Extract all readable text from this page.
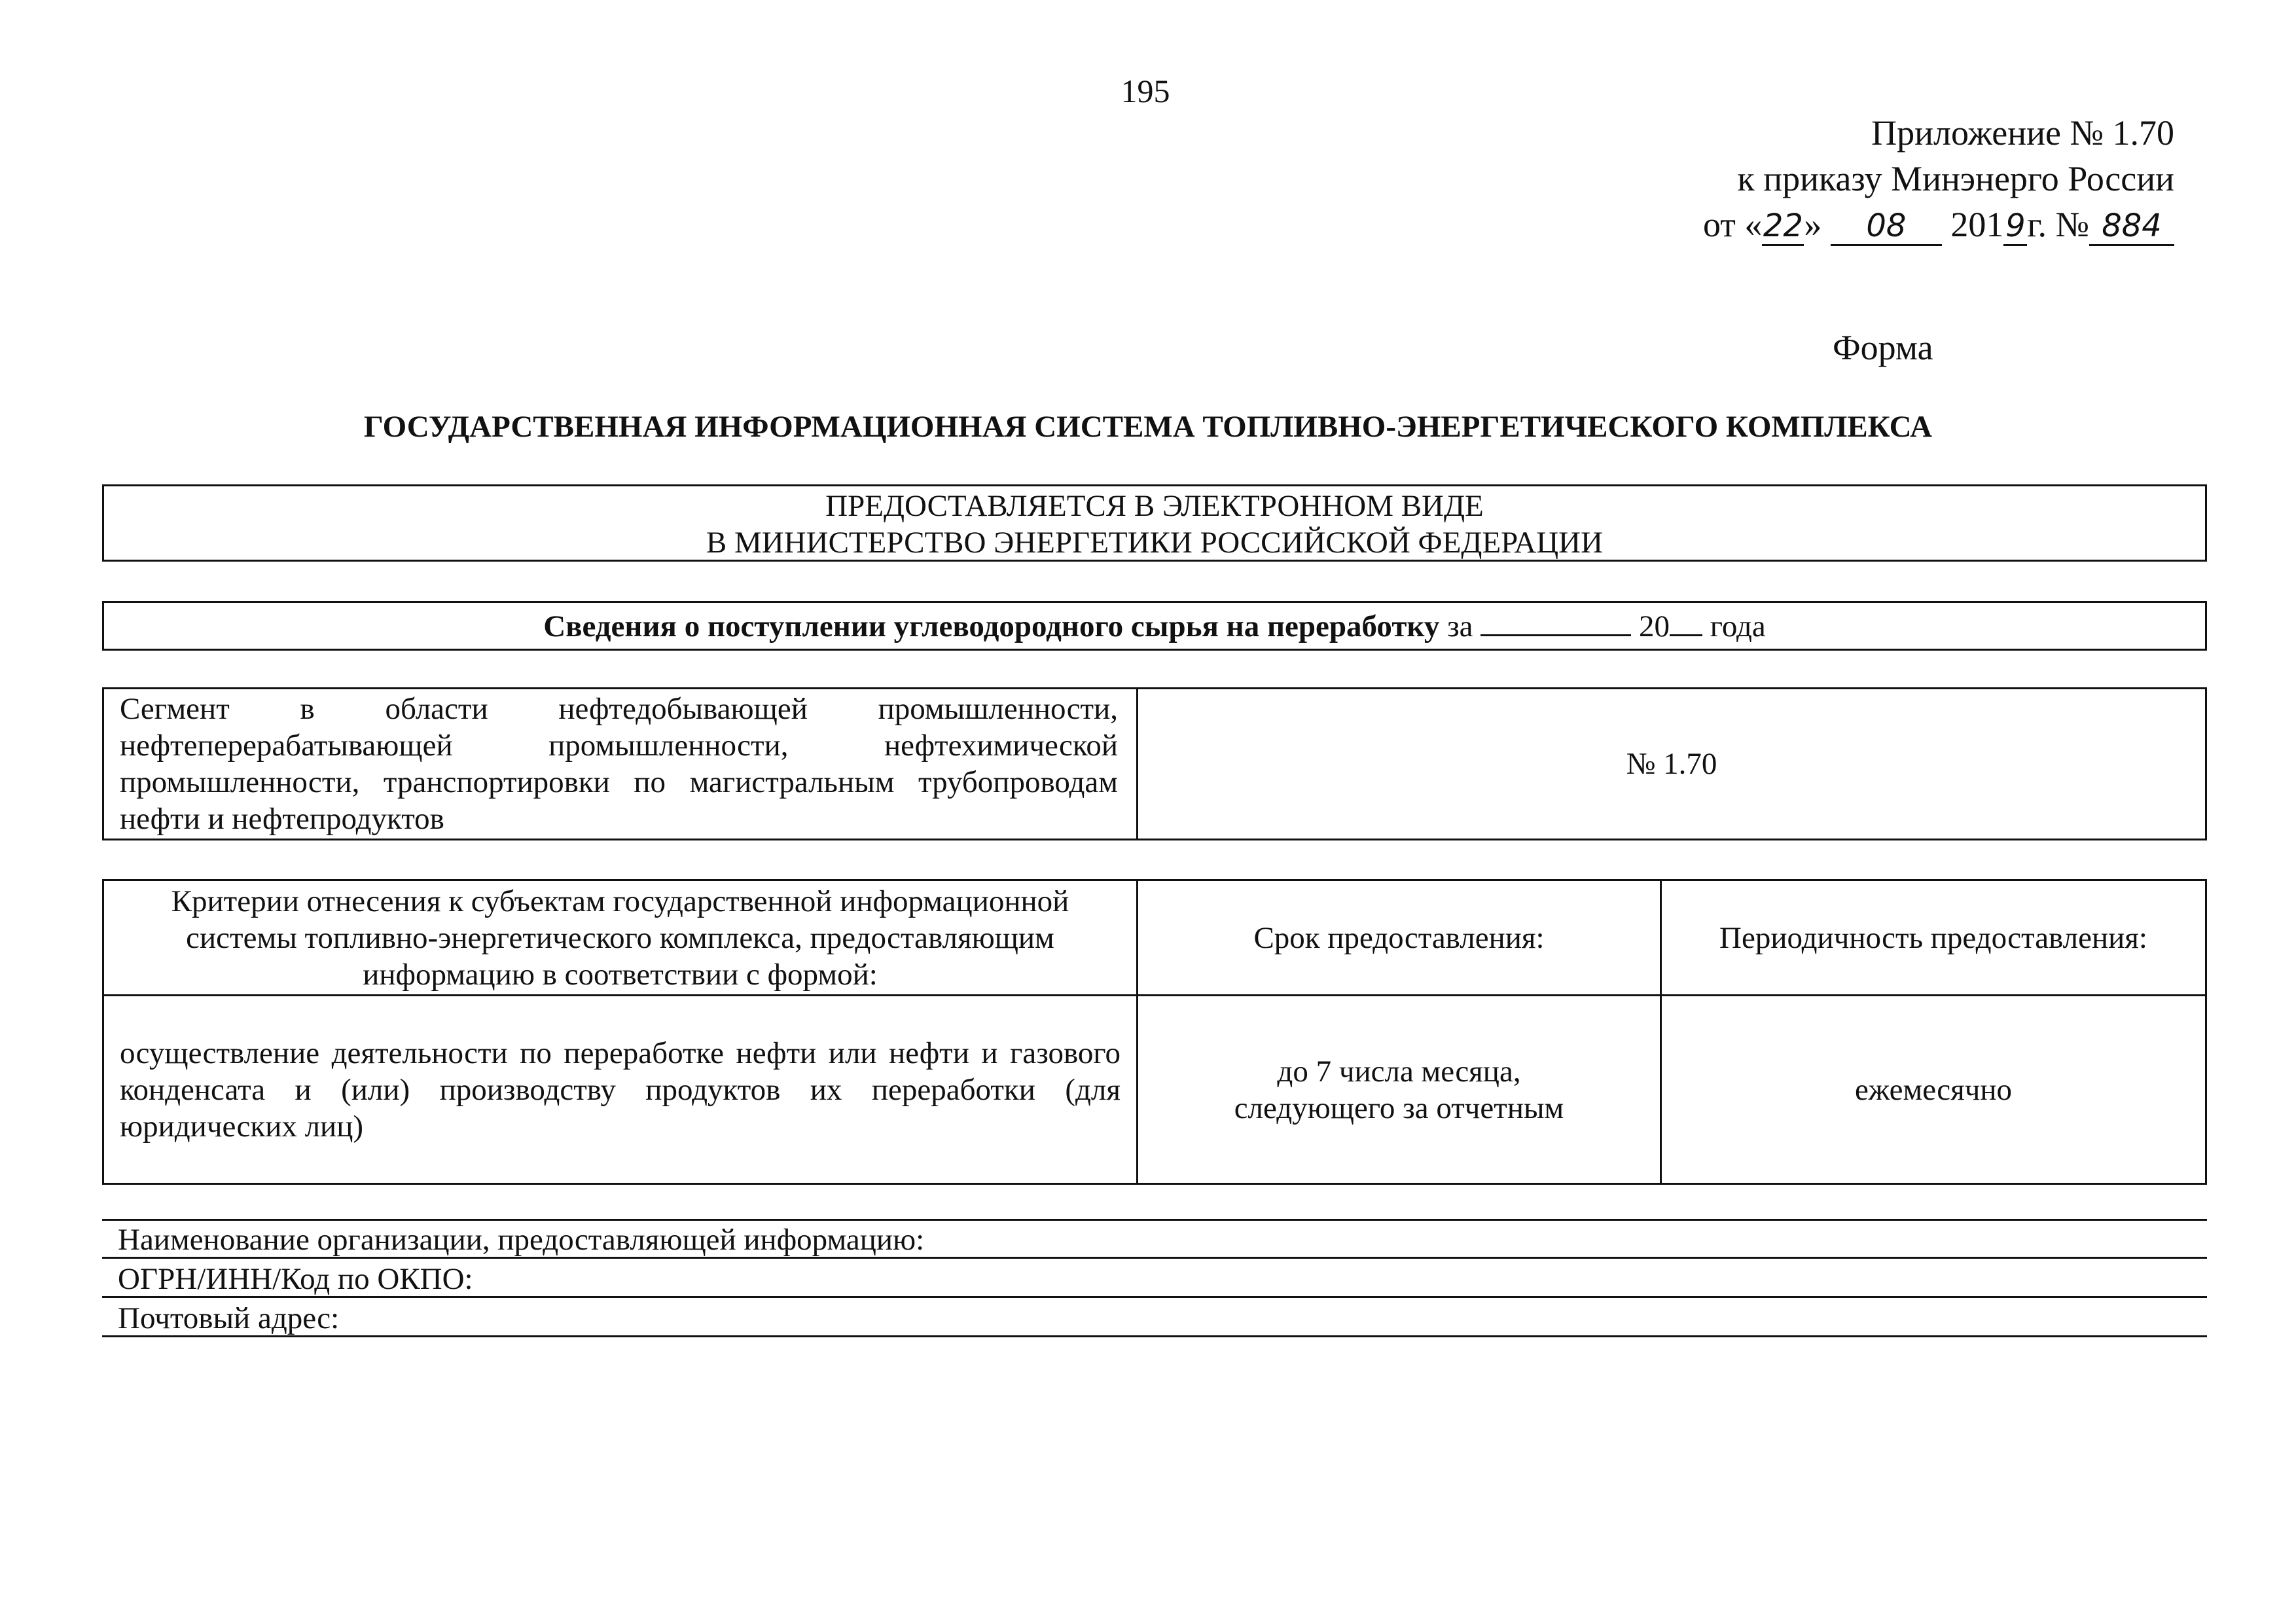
195
Приложение № 1.70
к приказу Минэнерго России
от «22» 08 2019г. № 884
Форма
ГОСУДАРСТВЕННАЯ ИНФОРМАЦИОННАЯ СИСТЕМА ТОПЛИВНО-ЭНЕРГЕТИЧЕСКОГО КОМПЛЕКСА
ПРЕДОСТАВЛЯЕТСЯ В ЭЛЕКТРОННОМ ВИДЕ
В МИНИСТЕРСТВО ЭНЕРГЕТИКИ РОССИЙСКОЙ ФЕДЕРАЦИИ
Сведения о поступлении углеводородного сырья на переработку за	20 года
Сегмент в области нефтедобывающей промышленности, нефтеперерабатывающей промышленности, нефтехимической промышленности, транспортировки по магистральным трубопроводам нефти и нефтепродуктов	№ 1.70
Критерии отнесения к субъектам государственной информационной системы топливно-энергетического комплекса, предоставляющим информацию в соответствии с формой:	Срок предоставления:	Периодичность предоставления:
осуществление деятельности по переработке нефти или нефти и газового конденсата и (или) производству продуктов их переработки (для юридических лиц)	до 7 числа месяца, следующего за отчетным	ежемесячно
Наименование организации, предоставляющей информацию:
ОГРН/ИНН/Код по ОКПО:
Почтовый адрес:
